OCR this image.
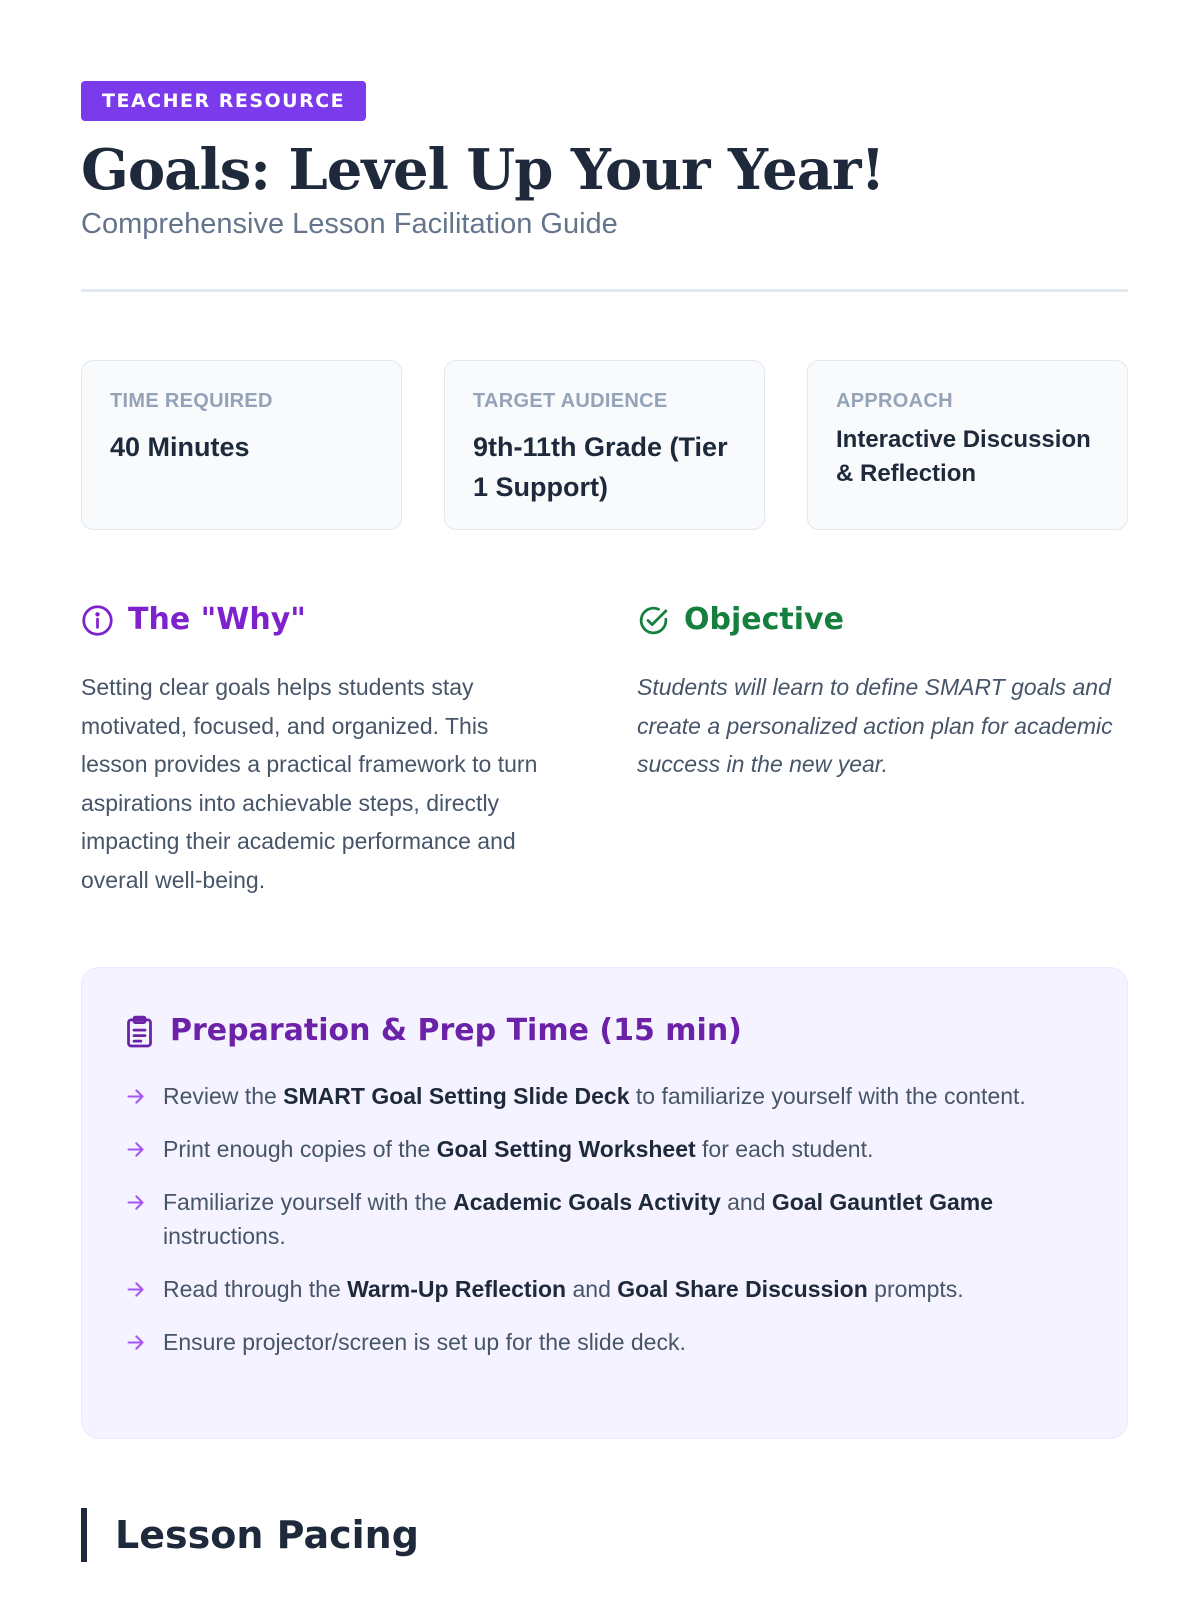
TEACHER RESOURCE
Goals: Level Up Your Year!
Comprehensive Lesson Facilitation Guide
TIME REQUIRED
40 Minutes
TARGET AUDIENCE
9th-11th Grade (Tier 1 Support)
APPROACH
Interactive Discussion & Reflection
The "Why"

Setting clear goals helps students stay motivated, focused, and organized. This lesson provides a practical framework to turn aspirations into achievable steps, directly impacting their academic performance and overall well-being.

Objective

Students will learn to define SMART goals and create a personalized action plan for academic success in the new year.

Preparation & Prep Time (15 min)
Review the SMART Goal Setting Slide Deck to familiarize yourself with the content.
Print enough copies of the Goal Setting Worksheet for each student.
Familiarize yourself with the Academic Goals Activity and Goal Gauntlet Game instructions.
Read through the Warm-Up Reflection and Goal Share Discussion prompts.
Ensure projector/screen is set up for the slide deck.
Lesson Pacing
